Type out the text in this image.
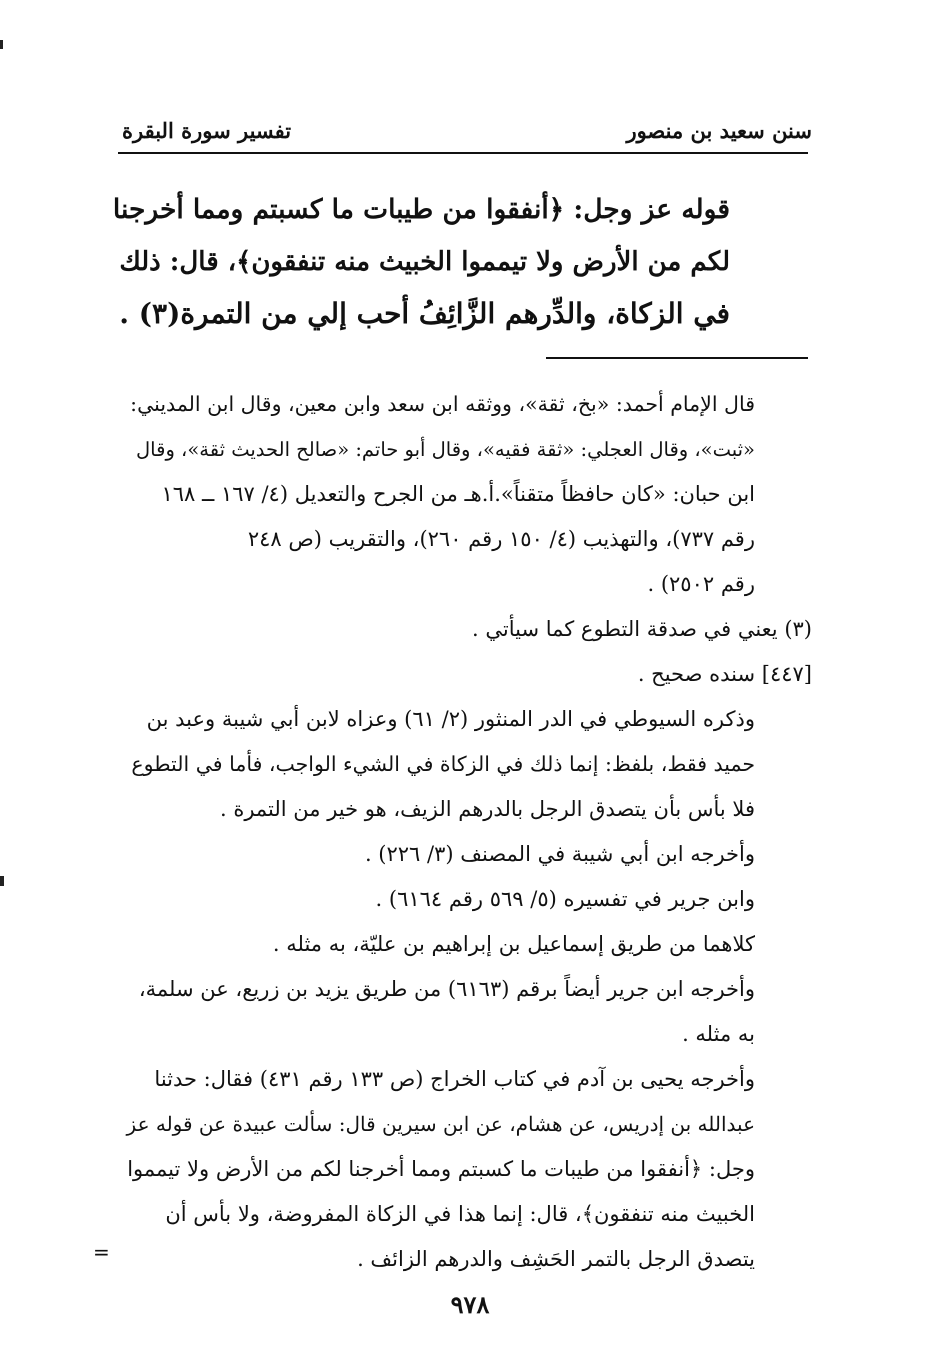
سنن سعيد بن منصور
تفسير سورة البقرة
قوله عز وجل: ﴿أنفقوا من طيبات ما كسبتم ومما أخرجنا
لكم من الأرض ولا تيمموا الخبيث منه تنفقون﴾، قال: ذلك
في الزكاة، والدِّرهم الزَّائِفُ أحب إلي من التمرة(٣) .
قال الإمام أحمد: «بخ، ثقة»، ووثقه ابن سعد وابن معين، وقال ابن المديني:
«ثبت»، وقال العجلي: «ثقة فقيه»، وقال أبو حاتم: «صالح الحديث ثقة»، وقال
ابن حبان: «كان حافظاً متقناً».أ.هـ من الجرح والتعديل (٤/ ١٦٧ ــ ١٦٨
رقم ٧٣٧)، والتهذيب (٤/ ١٥٠ رقم ٢٦٠)، والتقريب (ص ٢٤٨
رقم ٢٥٠٢) .
(٣) يعني في صدقة التطوع كما سيأتي .
[٤٤٧] سنده صحيح .
وذكره السيوطي في الدر المنثور (٢/ ٦١) وعزاه لابن أبي شيبة وعبد بن
حميد فقط، بلفظ: إنما ذلك في الزكاة في الشيء الواجب، فأما في التطوع
فلا بأس بأن يتصدق الرجل بالدرهم الزيف، هو خير من التمرة .
وأخرجه ابن أبي شيبة في المصنف (٣/ ٢٢٦) .
وابن جرير في تفسيره (٥/ ٥٦٩ رقم ٦١٦٤) .
كلاهما من طريق إسماعيل بن إبراهيم بن عليّة، به مثله .
وأخرجه ابن جرير أيضاً برقم (٦١٦٣) من طريق يزيد بن زريع، عن سلمة،
به مثله .
وأخرجه يحيى بن آدم في كتاب الخراج (ص ١٣٣ رقم ٤٣١) فقال: حدثنا
عبدالله بن إدريس، عن هشام، عن ابن سيرين قال: سألت عبيدة عن قوله عز
وجل: ﴿أنفقوا من طيبات ما كسبتم ومما أخرجنا لكم من الأرض ولا تيمموا
الخبيث منه تنفقون﴾، قال: إنما هذا في الزكاة المفروضة، ولا بأس أن
يتصدق الرجل بالتمر الحَشِف والدرهم الزائف .
=
٩٧٨
